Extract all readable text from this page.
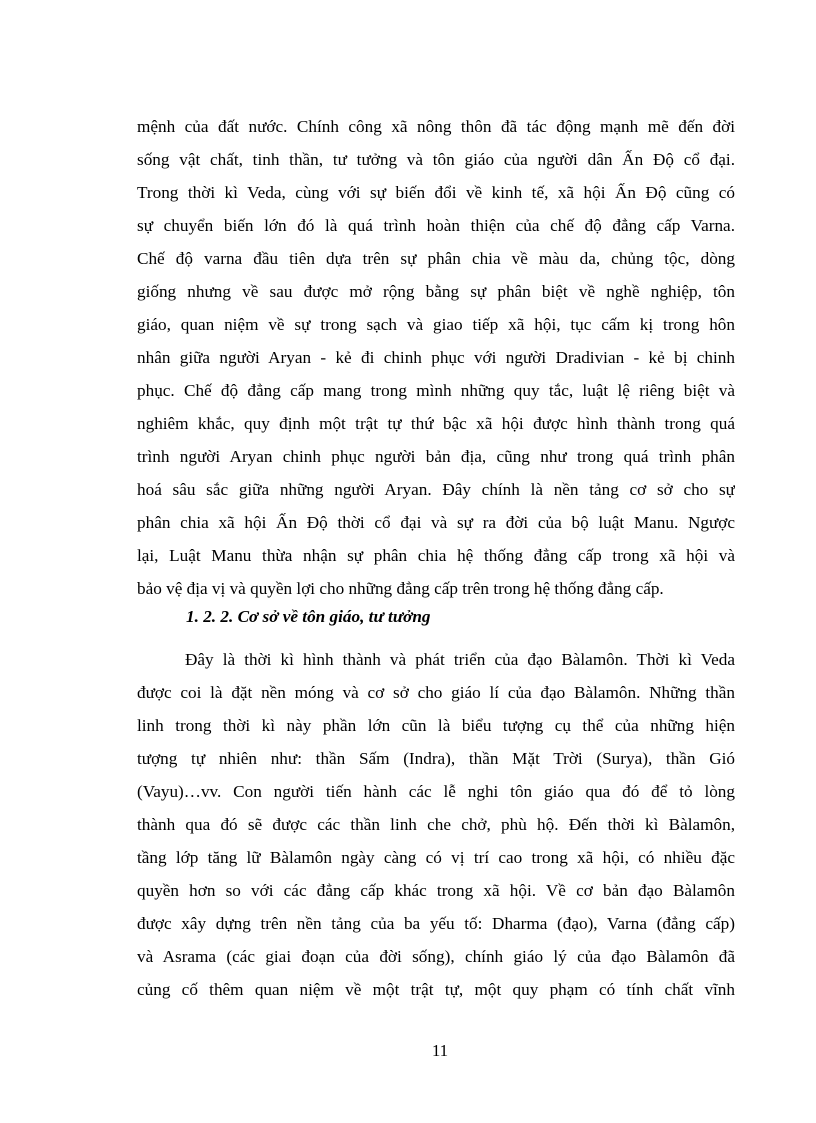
mệnh của đất nước. Chính công xã nông thôn đã tác động mạnh mẽ đến đời
sống vật chất, tinh thần, tư tưởng và tôn giáo của người dân Ấn Độ cổ đại.
Trong thời kì Veda, cùng với sự biến đổi về kinh tế, xã hội Ấn Độ cũng có
sự chuyển biến lớn đó là quá trình hoàn thiện của chế độ đẳng cấp Varna.
Chế độ varna đầu tiên dựa trên sự phân chia về màu da, chủng tộc, dòng
giống nhưng về sau được mở rộng bằng sự phân biệt về nghề nghiệp, tôn
giáo, quan niệm về sự trong sạch và giao tiếp xã hội, tục cấm kị trong hôn
nhân giữa người Aryan - kẻ đi chinh phục với người Dradivian - kẻ bị chinh
phục. Chế độ đẳng cấp mang trong mình những quy tắc, luật lệ riêng biệt và
nghiêm khắc, quy định một trật tự thứ bậc xã hội được hình thành trong quá
trình người Aryan chinh phục người bản địa, cũng như trong quá trình phân
hoá sâu sắc giữa những người Aryan. Đây chính là nền tảng cơ sở cho sự
phân chia xã hội Ấn Độ thời cổ đại và sự ra đời của bộ luật Manu. Ngược
lại, Luật Manu thừa nhận sự phân chia hệ thống đẳng cấp trong xã hội và
bảo vệ địa vị và quyền lợi cho những đẳng cấp trên trong hệ thống đẳng cấp.
1. 2. 2. Cơ sở về tôn giáo, tư tưởng
Đây là thời kì hình thành và phát triển của đạo Bàlamôn. Thời kì Veda
được coi là đặt nền móng và cơ sở cho giáo lí của đạo Bàlamôn. Những thần
linh trong thời kì này phần lớn cũn là biểu tượng cụ thể của những hiện
tượng tự nhiên như: thần Sấm (Indra), thần Mặt Trời (Surya), thần Gió
(Vayu)…vv. Con người tiến hành các lễ nghi tôn giáo qua đó để tỏ lòng
thành qua đó sẽ được các thần linh che chở, phù hộ. Đến thời kì Bàlamôn,
tầng lớp tăng lữ Bàlamôn ngày càng có vị trí cao trong xã hội, có nhiều đặc
quyền hơn so với các đẳng cấp khác trong xã hội. Về cơ bản đạo Bàlamôn
được xây dựng trên nền tảng của ba yếu tố: Dharma (đạo), Varna (đẳng cấp)
và Asrama (các giai đoạn của đời sống), chính giáo lý của đạo Bàlamôn đã
củng cố thêm quan niệm về một trật tự, một quy phạm có tính chất vĩnh
11
